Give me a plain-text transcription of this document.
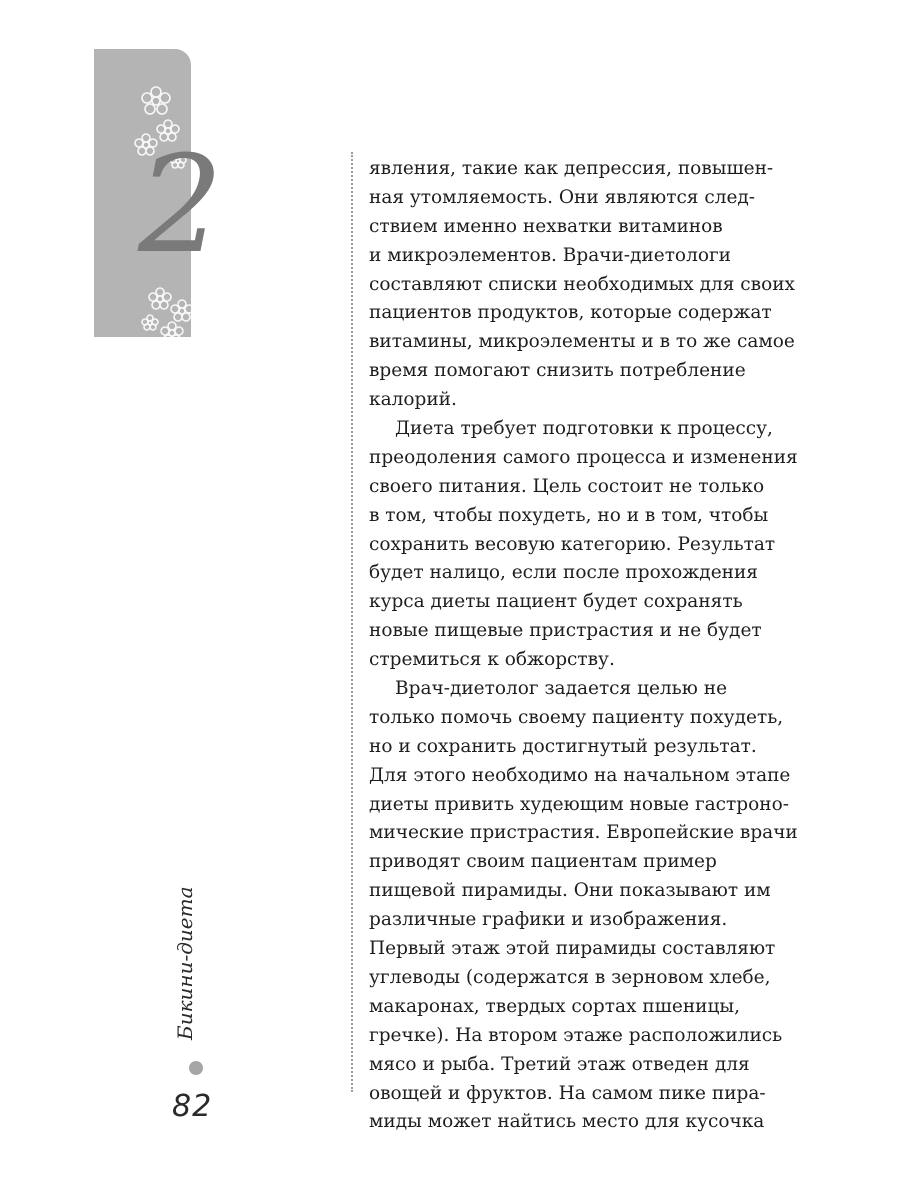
2	явления, такие как депрессия, повышен-
ная утомляемость. Они являются след-
ствием именно нехватки витаминов
и микроэлементов. Врачи-диетологи
составляют списки необходимых для своих
пациентов продуктов, которые содержат
витамины, микроэлементы и в то же самое
время помогают снизить потребление
калорий.
Диета требует подготовки к процессу,
преодоления самого процесса и изменения
своего питания. Цель состоит не только
в том, чтобы похудеть, но и в том, чтобы
сохранить весовую категорию. Результат
будет налицо, если после прохождения
курса диеты пациент будет сохранять
новые пищевые пристрастия и не будет
стремиться к обжорству.
Врач-диетолог задается целью не
только помочь своему пациенту похудеть,
но и сохранить достигнутый результат.
Для этого необходимо на начальном этапе
диеты привить худеющим новые гастроно-
мические пристрастия. Европейские врачи
приводят своим пациентам пример
пищевой пирамиды. Они показывают им
различные графики и изображения.
Первый этаж этой пирамиды составляют
углеводы (содержатся в зерновом хлебе,
макаронах, твердых сортах пшеницы,
гречке). На втором этаже расположились
мясо и рыба. Третий этаж отведен для
овощей и фруктов. На самом пике пира-
миды может найтись место для кусочка
Бикини-диета
82
